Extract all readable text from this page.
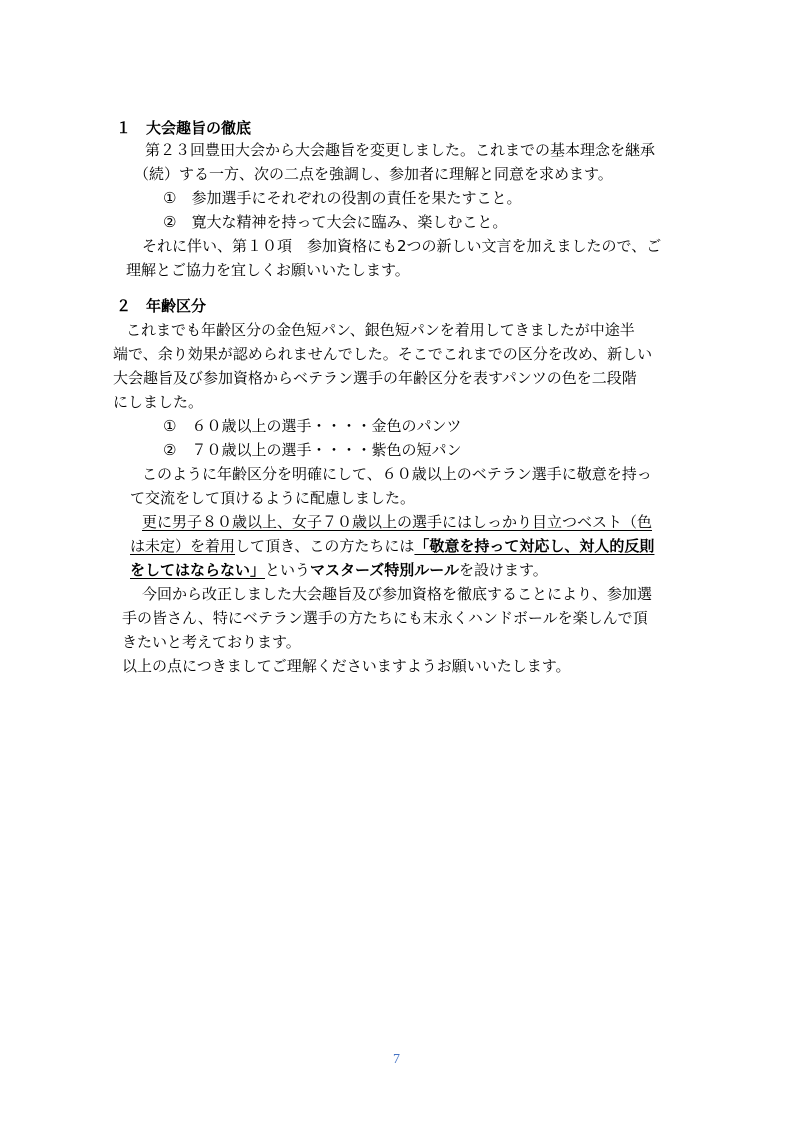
１　大会趣旨の徹底
第２３回豊田大会から大会趣旨を変更しました。これまでの基本理念を継承
（続）する一方、次の二点を強調し、参加者に理解と同意を求めます。
①　参加選手にそれぞれの役割の責任を果たすこと。
②　寛大な精神を持って大会に臨み、楽しむこと。
それに伴い、第１０項　参加資格にも2つの新しい文言を加えましたので、ご
理解とご協力を宜しくお願いいたします。
２　年齢区分
これまでも年齢区分の金色短パン、銀色短パンを着用してきましたが中途半
端で、余り効果が認められませんでした。そこでこれまでの区分を改め、新しい
大会趣旨及び参加資格からベテラン選手の年齢区分を表すパンツの色を二段階
にしました。
①　６０歳以上の選手・・・・金色のパンツ
②　７０歳以上の選手・・・・紫色の短パン
このように年齢区分を明確にして、６０歳以上のベテラン選手に敬意を持っ
て交流をして頂けるように配慮しました。
更に男子８０歳以上、女子７０歳以上の選手にはしっかり目立つベスト（色
は未定）を着用して頂き、この方たちには「敬意を持って対応し、対人的反則
をしてはならない」というマスターズ特別ルールを設けます。
今回から改正しました大会趣旨及び参加資格を徹底することにより、参加選
手の皆さん、特にベテラン選手の方たちにも末永くハンドボールを楽しんで頂
きたいと考えております。
以上の点につきましてご理解くださいますようお願いいたします。
7
